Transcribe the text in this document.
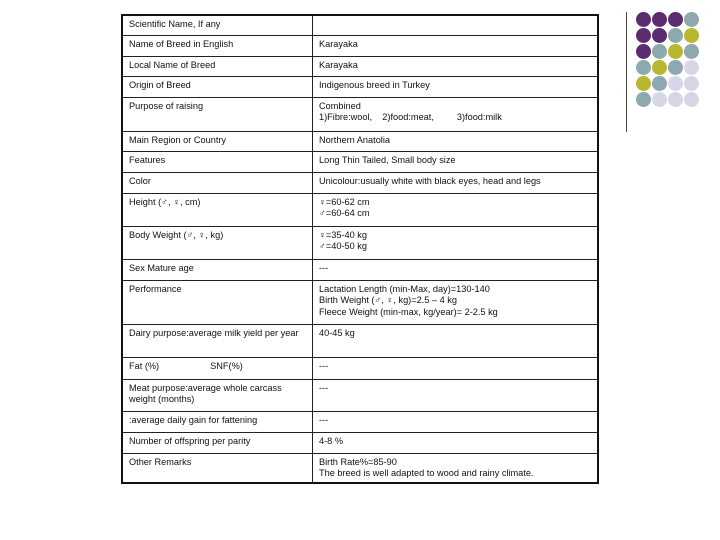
Scientific Name, If any	
Name of Breed in English	Karayaka
Local Name of Breed	Karayaka
Origin of Breed	Indigenous breed in Turkey
Purpose of raising	Combined
1)Fibre:wool,    2)food:meat,         3)food:milk
Main Region or Country	Northern Anatolia
Features	Long Thin Tailed, Small body size
Color	Unicolour:usually white with black eyes, head and legs
Height (♂, ♀, cm)	♀=60-62 cm
♂=60-64 cm
Body Weight (♂, ♀, kg)	♀=35-40 kg
♂=40-50 kg
Sex Mature age	---
Performance	Lactation Length (min-Max, day)=130-140
Birth Weight (♂, ♀, kg)=2.5 – 4 kg
Fleece Weight (min-max, kg/year)= 2-2.5 kg
Dairy purpose:average milk yield per year	40-45 kg
Fat (%)                    SNF(%)	---
Meat purpose:average whole carcass weight (months)	---
:average daily gain for fattening	---
Number of offspring per parity	4-8 %
Other Remarks	Birth Rate%=85-90
The breed is well adapted to wood and rainy climate.
